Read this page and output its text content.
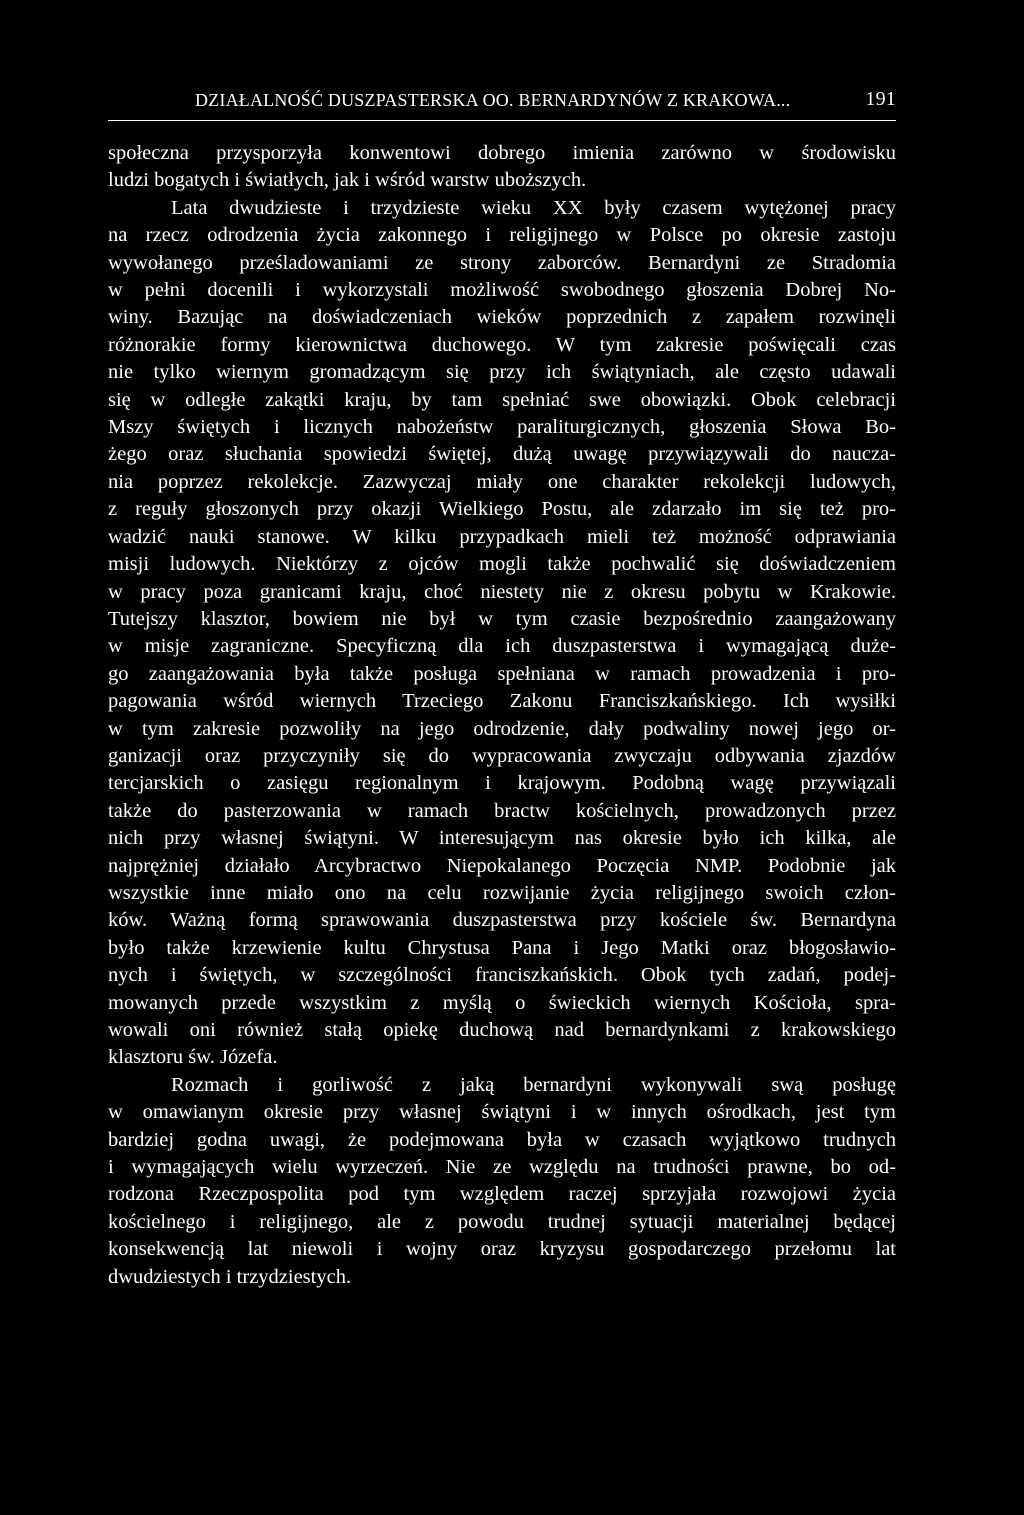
DZIAŁALNOŚĆ DUSZPASTERSKA OO. BERNARDYNÓW Z KRAKOWA...	191
społeczna przysporzyła konwentowi dobrego imienia zarówno w środowisku
ludzi bogatych i światłych, jak i wśród warstw uboższych.
Lata dwudzieste i trzydzieste wieku XX były czasem wytężonej pracy
na rzecz odrodzenia życia zakonnego i religijnego w Polsce po okresie zastoju
wywołanego prześladowaniami ze strony zaborców. Bernardyni ze Stradomia
w pełni docenili i wykorzystali możliwość swobodnego głoszenia Dobrej No-
winy. Bazując na doświadczeniach wieków poprzednich z zapałem rozwinęli
różnorakie formy kierownictwa duchowego. W tym zakresie poświęcali czas
nie tylko wiernym gromadzącym się przy ich świątyniach, ale często udawali
się w odległe zakątki kraju, by tam spełniać swe obowiązki. Obok celebracji
Mszy świętych i licznych nabożeństw paraliturgicznych, głoszenia Słowa Bo-
żego oraz słuchania spowiedzi świętej, dużą uwagę przywiązywali do naucza-
nia poprzez rekolekcje. Zazwyczaj miały one charakter rekolekcji ludowych,
z reguły głoszonych przy okazji Wielkiego Postu, ale zdarzało im się też pro-
wadzić nauki stanowe. W kilku przypadkach mieli też możność odprawiania
misji ludowych. Niektórzy z ojców mogli także pochwalić się doświadczeniem
w pracy poza granicami kraju, choć niestety nie z okresu pobytu w Krakowie.
Tutejszy klasztor, bowiem nie był w tym czasie bezpośrednio zaangażowany
w misje zagraniczne. Specyficzną dla ich duszpasterstwa i wymagającą duże-
go zaangażowania była także posługa spełniana w ramach prowadzenia i pro-
pagowania wśród wiernych Trzeciego Zakonu Franciszkańskiego. Ich wysiłki
w tym zakresie pozwoliły na jego odrodzenie, dały podwaliny nowej jego or-
ganizacji oraz przyczyniły się do wypracowania zwyczaju odbywania zjazdów
tercjarskich o zasięgu regionalnym i krajowym. Podobną wagę przywiązali
także do pasterzowania w ramach bractw kościelnych, prowadzonych przez
nich przy własnej świątyni. W interesującym nas okresie było ich kilka, ale
najprężniej działało Arcybractwo Niepokalanego Poczęcia NMP. Podobnie jak
wszystkie inne miało ono na celu rozwijanie życia religijnego swoich człon-
ków. Ważną formą sprawowania duszpasterstwa przy kościele św. Bernardyna
było także krzewienie kultu Chrystusa Pana i Jego Matki oraz błogosławio-
nych i świętych, w szczególności franciszkańskich. Obok tych zadań, podej-
mowanych przede wszystkim z myślą o świeckich wiernych Kościoła, spra-
wowali oni również stałą opiekę duchową nad bernardynkami z krakowskiego
klasztoru św. Józefa.
Rozmach i gorliwość z jaką bernardyni wykonywali swą posługę
w omawianym okresie przy własnej świątyni i w innych ośrodkach, jest tym
bardziej godna uwagi, że podejmowana była w czasach wyjątkowo trudnych
i wymagających wielu wyrzeczeń. Nie ze względu na trudności prawne, bo od-
rodzona Rzeczpospolita pod tym względem raczej sprzyjała rozwojowi życia
kościelnego i religijnego, ale z powodu trudnej sytuacji materialnej będącej
konsekwencją lat niewoli i wojny oraz kryzysu gospodarczego przełomu lat
dwudziestych i trzydziestych.
